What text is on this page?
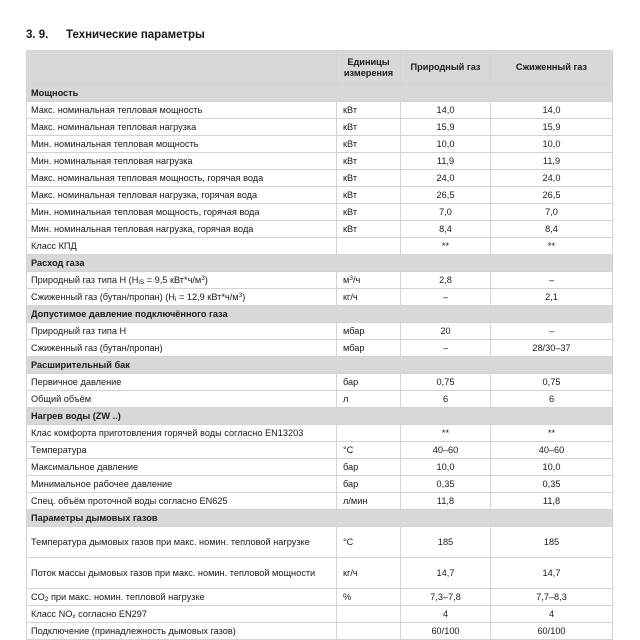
3. 9. Технические параметры
	Единицы измерения	Природный газ	Сжиженный газ
Мощность			
Макс. номинальная тепловая мощность	кВт	14,0	14,0
Макс. номинальная тепловая нагрузка	кВт	15,9	15,9
Мин. номинальная тепловая мощность	кВт	10,0	10,0
Мин. номинальная тепловая нагрузка	кВт	11,9	11,9
Макс. номинальная тепловая мощность, горячая вода	кВт	24,0	24,0
Макс. номинальная тепловая нагрузка, горячая вода	кВт	26,5	26,5
Мин. номинальная тепловая мощность, горячая вода	кВт	7,0	7,0
Мин. номинальная тепловая нагрузка, горячая вода	кВт	8,4	8,4
Класс КПД		**	**
Расход газа			
Природный газ типа H ($H_{iS} = 9,5$ $кВт*ч/м^3$)	$м^3/ч$	2,8	–
Сжиженный газ (бутан/пропан) ($H_i = 12,9$ $кВт*ч/м^3$)	кг/ч	–	2,1
Допустимое давление подключённого газа			
Природный газ типа H	мбар	20	–
Сжиженный газ (бутан/пропан)	мбар	–	28/30–37
Расширительный бак			
Первичное давление	бар	0,75	0,75
Общий объём	л	6	6
Нагрев воды (ZW ..)			
Клас комфорта приготовления горячей воды согласно EN13203		**	**
Температура	°C	40–60	40–60
Максимальное давление	бар	10,0	10,0
Минимальное рабочее давление	бар	0,35	0,35
Спец. объём проточной воды согласно EN625	л/мин	11,8	11,8
Параметры дымовых газов			
Температура дымовых газов при макс. номин. тепловой нагрузке	°C	185	185
Поток массы дымовых газов при макс. номин. тепловой мощности	кг/ч	14,7	14,7
$CO_2$ при макс. номин. тепловой нагрузке	%	7,3–7,8	7,7–8,3
Класс $NO_x$ согласно EN297		4	4
Подключение (принадлежность дымовых газов)		60/100	60/100
